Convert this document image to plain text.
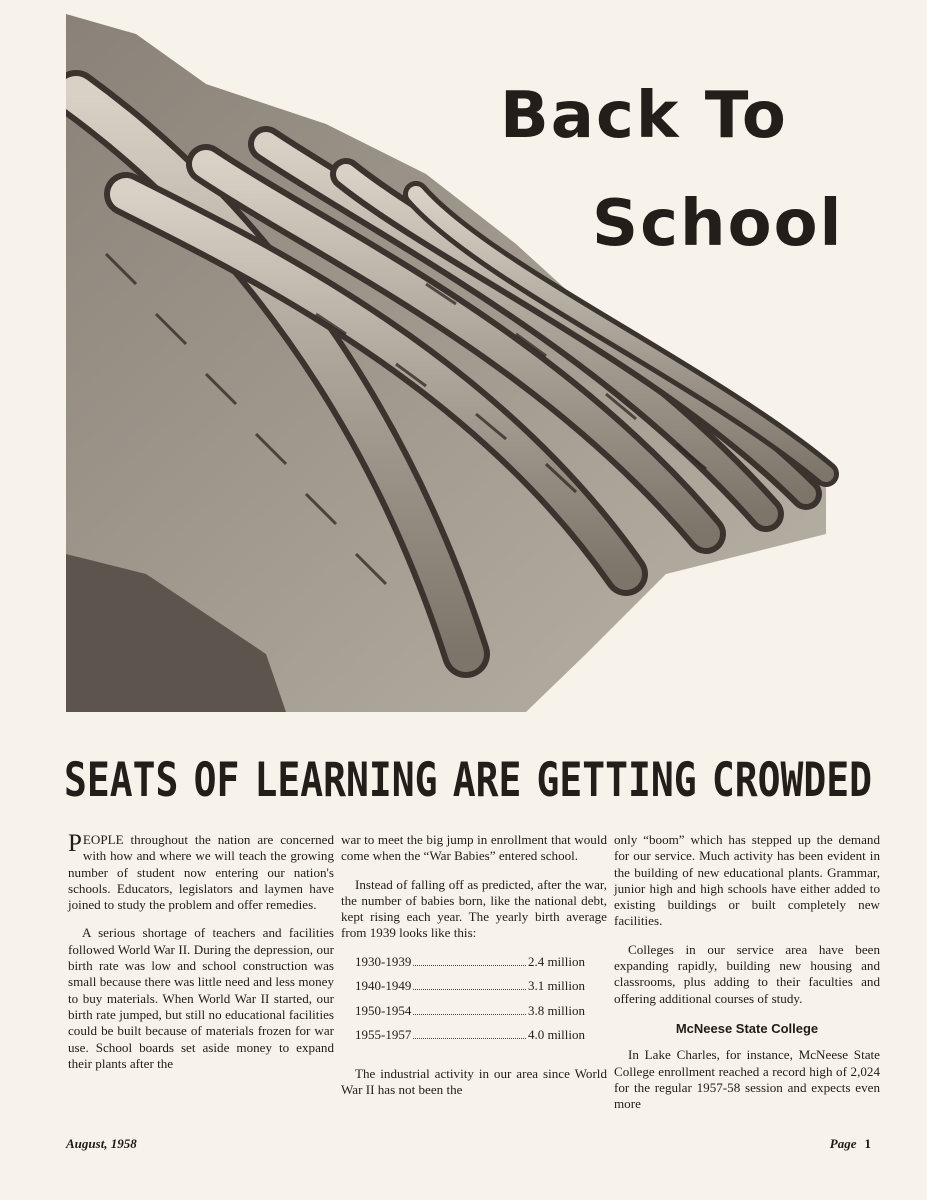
Back To
School
SEATS OF LEARNING ARE GETTING CROWDED

PEOPLE throughout the nation are concerned with how and where we will teach the growing number of student now entering our nation's schools. Educators, legislators and laymen have joined to study the problem and offer remedies.

A serious shortage of teachers and facilities followed World War II. During the depression, our birth rate was low and school construction was small because there was little need and less money to buy materials. When World War II started, our birth rate jumped, but still no educational facilities could be built because of materials frozen for war use. School boards set aside money to expand their plants after the

war to meet the big jump in enrollment that would come when the “War Babies” entered school.

Instead of falling off as predicted, after the war, the number of babies born, like the national debt, kept rising each year. The yearly birth average from 1939 looks like this:

1930-1939	2.4 million
1940-1949	3.1 million
1950-1954	3.8 million
1955-1957	4.0 million

The industrial activity in our area since World War II has not been the

only “boom” which has stepped up the demand for our service. Much activity has been evident in the building of new educational plants. Grammar, junior high and high schools have either added to existing buildings or built completely new facilities.

Colleges in our service area have been expanding rapidly, building new housing and classrooms, plus adding to their faculties and offering additional courses of study.

McNeese State College

In Lake Charles, for instance, McNeese State College enrollment reached a record high of 2,024 for the regular 1957-58 session and expects even more

August, 1958	Page 1
